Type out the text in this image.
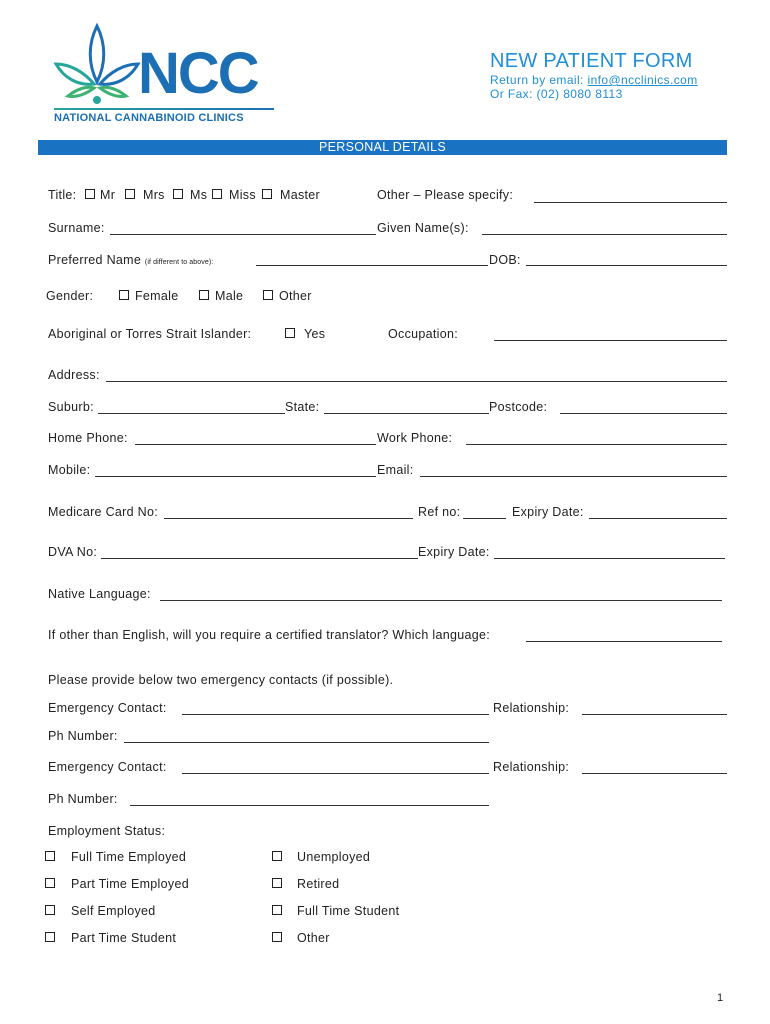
NCC
NATIONAL CANNABINOID CLINICS
NEW PATIENT FORM
Return by email: info@ncclinics.com
Or Fax: (02) 8080 8113
PERSONAL DETAILS
Title: Mr Mrs Ms Miss Master	Other – Please specify:
Surname:	Given Name(s):
Preferred Name (if different to above):	DOB:
Gender:	Female	Male	Other
Aboriginal or Torres Strait Islander:	Yes	Occupation:
Address:
Suburb:	State:	Postcode:
Home Phone:	Work Phone:
Mobile:	Email:
Medicare Card No:	Ref no:	Expiry Date:
DVA No:	Expiry Date:
Native Language:
If other than English, will you require a certified translator? Which language:
Please provide below two emergency contacts (if possible).
Emergency Contact:	Relationship:
Ph Number:
Emergency Contact:	Relationship:
Ph Number:
Employment Status:
Full Time Employed	Unemployed
Part Time Employed	Retired
Self Employed	Full Time Student
Part Time Student	Other
1
